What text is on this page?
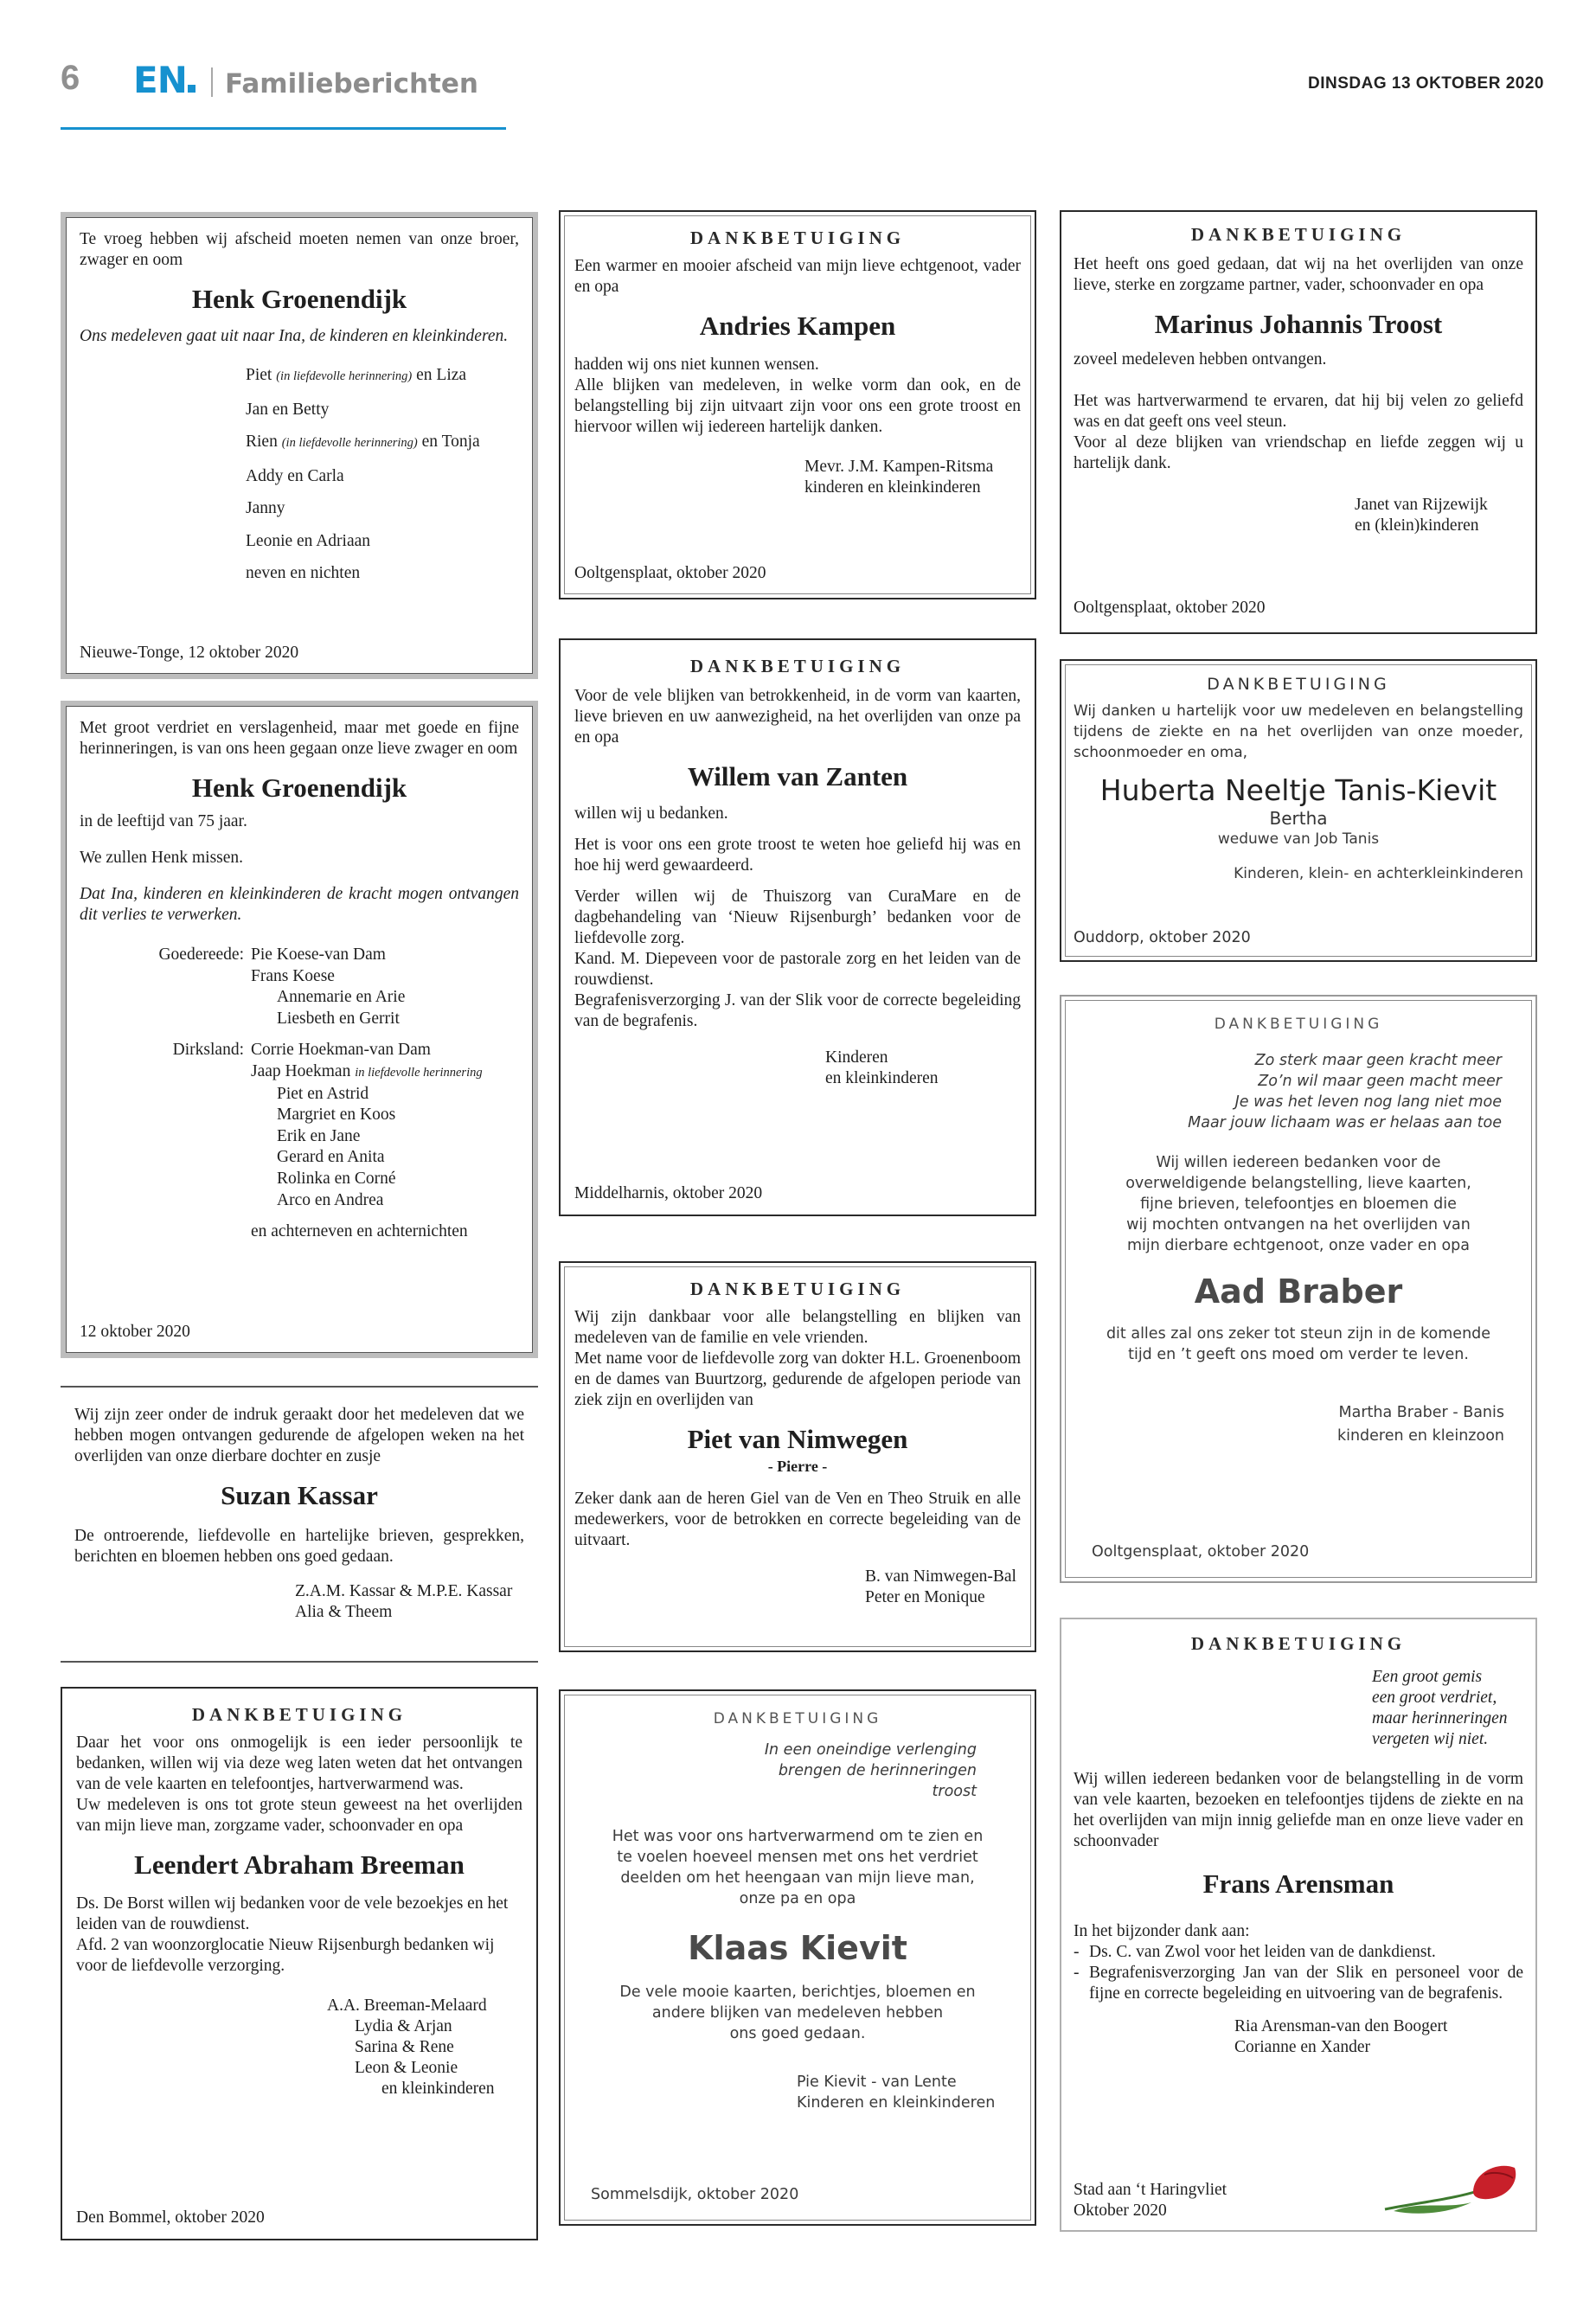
6 EN	Familieberichten	DINSDAG 13 OKTOBER 2020

Te vroeg hebben wij afscheid moeten nemen van onze broer, zwager en oom

Henk Groenendijk

Ons medeleven gaat uit naar Ina, de kinderen en kleinkinderen.

Piet (in liefdevolle herinnering) en Liza
Jan en Betty
Rien (in liefdevolle herinnering) en Tonja
Addy en Carla
Janny
Leonie en Adriaan
neven en nichten

Nieuwe-Tonge, 12 oktober 2020

Met groot verdriet en verslagenheid, maar met goede en fijne herinneringen, is van ons heen gegaan onze lieve zwager en oom

Henk Groenendijk

in de leeftijd van 75 jaar.

We zullen Henk missen.

Dat Ina, kinderen en kleinkinderen de kracht mogen ontvangen dit verlies te verwerken.

Goedereede: Pie Koese-van Dam
Frans Koese
Annemarie en Arie
Liesbeth en Gerrit
Dirksland: Corrie Hoekman-van Dam
Jaap Hoekman in liefdevolle herinnering
Piet en Astrid
Margriet en Koos
Erik en Jane
Gerard en Anita
Rolinka en Corné
Arco en Andrea
en achterneven en achternichten

12 oktober 2020

Wij zijn zeer onder de indruk geraakt door het medeleven dat we hebben mogen ontvangen gedurende de afgelopen weken na het overlijden van onze dierbare dochter en zusje

Suzan Kassar

De ontroerende, liefdevolle en hartelijke brieven, gesprekken, berichten en bloemen hebben ons goed gedaan.

Z.A.M. Kassar & M.P.E. Kassar
Alia & Theem

DANKBETUIGING

Daar het voor ons onmogelijk is een ieder persoonlijk te bedanken, willen wij via deze weg laten weten dat het ontvangen van de vele kaarten en telefoontjes, hartverwarmend was.

Uw medeleven is ons tot grote steun geweest na het overlijden van mijn lieve man, zorgzame vader, schoonvader en opa

Leendert Abraham Breeman

Ds. De Borst willen wij bedanken voor de vele bezoekjes en het leiden van de rouwdienst.

Afd. 2 van woonzorglocatie Nieuw Rijsenburgh bedanken wij voor de liefdevolle verzorging.

A.A. Breeman-Melaard
Lydia & Arjan
Sarina & Rene
Leon & Leonie
en kleinkinderen

Den Bommel, oktober 2020

DANKBETUIGING

Een warmer en mooier afscheid van mijn lieve echtgenoot, vader en opa

Andries Kampen

hadden wij ons niet kunnen wensen.

Alle blijken van medeleven, in welke vorm dan ook, en de belangstelling bij zijn uitvaart zijn voor ons een grote troost en hiervoor willen wij iedereen hartelijk danken.

Mevr. J.M. Kampen-Ritsma
kinderen en kleinkinderen

Ooltgensplaat, oktober 2020

DANKBETUIGING

Voor de vele blijken van betrokkenheid, in de vorm van kaarten, lieve brieven en uw aanwezigheid, na het overlijden van onze pa en opa

Willem van Zanten

willen wij u bedanken.

Het is voor ons een grote troost te weten hoe geliefd hij was en hoe hij werd gewaardeerd.

Verder willen wij de Thuiszorg van CuraMare en de dagbehandeling van ‘Nieuw Rijsenburgh’ bedanken voor de liefdevolle zorg.

Kand. M. Diepeveen voor de pastorale zorg en het leiden van de rouwdienst.

Begrafenisverzorging J. van der Slik voor de correcte begeleiding van de begrafenis.

Kinderen
en kleinkinderen

Middelharnis, oktober 2020

DANKBETUIGING

Wij zijn dankbaar voor alle belangstelling en blijken van medeleven van de familie en vele vrienden.

Met name voor de liefdevolle zorg van dokter H.L. Groenenboom en de dames van Buurtzorg, gedurende de afgelopen periode van ziek zijn en overlijden van

Piet van Nimwegen

- Pierre -

Zeker dank aan de heren Giel van de Ven en Theo Struik en alle medewerkers, voor de betrokken en correcte begeleiding van de uitvaart.

B. van Nimwegen-Bal
Peter en Monique

DANKBETUIGING

In een oneindige verlenging
brengen de herinneringen troost
Het was voor ons hartverwarmend om te zien en
te voelen hoeveel mensen met ons het verdriet
deelden om het heengaan van mijn lieve man,
onze pa en opa

Klaas Kievit

De vele mooie kaarten, berichtjes, bloemen en
andere blijken van medeleven hebben
ons goed gedaan.
Pie Kievit - van Lente
Kinderen en kleinkinderen

Sommelsdijk, oktober 2020

DANKBETUIGING

Het heeft ons goed gedaan, dat wij na het overlijden van onze lieve, sterke en zorgzame partner, vader, schoonvader en opa

Marinus Johannis Troost

zoveel medeleven hebben ontvangen.

Het was hartverwarmend te ervaren, dat hij bij velen zo geliefd was en dat geeft ons veel steun.

Voor al deze blijken van vriendschap en liefde zeggen wij u hartelijk dank.

Janet van Rijzewijk
en (klein)kinderen

Ooltgensplaat, oktober 2020

DANKBETUIGING

Wij danken u hartelijk voor uw medeleven en belangstelling tijdens de ziekte en na het overlijden van onze moeder, schoonmoeder en oma,

Huberta Neeltje Tanis-Kievit

Bertha

weduwe van Job Tanis

Kinderen, klein- en achterkleinkinderen

Ouddorp, oktober 2020

DANKBETUIGING

Zo sterk maar geen kracht meer
Zo’n wil maar geen macht meer
Je was het leven nog lang niet moe
Maar jouw lichaam was er helaas aan toe
Wij willen iedereen bedanken voor de
overweldigende belangstelling, lieve kaarten,
fijne brieven, telefoontjes en bloemen die
wij mochten ontvangen na het overlijden van
mijn dierbare echtgenoot, onze vader en opa

Aad Braber

dit alles zal ons zeker tot steun zijn in de komende
tijd en ’t geeft ons moed om verder te leven.
Martha Braber - Banis
kinderen en kleinzoon

Ooltgensplaat, oktober 2020

DANKBETUIGING

Een groot gemis
een groot verdriet,
maar herinneringen
vergeten wij niet.

Wij willen iedereen bedanken voor de belangstelling in de vorm van vele kaarten, bezoeken en telefoontjes tijdens de ziekte en na het overlijden van mijn innig geliefde man en onze lieve vader en schoonvader

Frans Arensman

In het bijzonder dank aan:

- Ds. C. van Zwol voor het leiden van de dankdienst.
- Begrafenisverzorging Jan van der Slik en personeel voor de fijne en correcte begeleiding en uitvoering van de begrafenis.
Ria Arensman-van den Boogert
Corianne en Xander
Stad aan ‘t Haringvliet
Oktober 2020
